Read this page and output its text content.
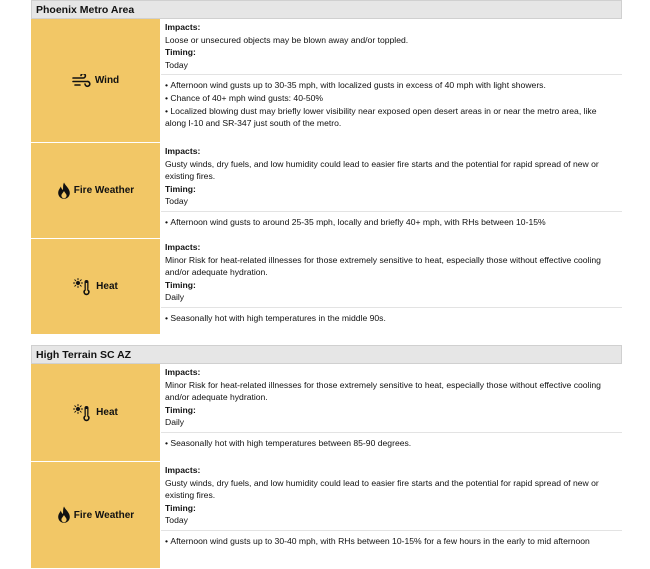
Phoenix Metro Area
Wind
Impacts:
Loose or unsecured objects may be blown away and/or toppled.
Timing:
Today
• Afternoon wind gusts up to 30-35 mph, with localized gusts in excess of 40 mph with light showers.
• Chance of 40+ mph wind gusts: 40-50%
• Localized blowing dust may briefly lower visibility near exposed open desert areas in or near the metro area, like along I-10 and SR-347 just south of the metro.
Fire Weather
Impacts:
Gusty winds, dry fuels, and low humidity could lead to easier fire starts and the potential for rapid spread of new or existing fires.
Timing:
Today
• Afternoon wind gusts to around 25-35 mph, locally and briefly 40+ mph, with RHs between 10-15%
Heat
Impacts:
Minor Risk for heat-related illnesses for those extremely sensitive to heat, especially those without effective cooling and/or adequate hydration.
Timing:
Daily
• Seasonally hot with high temperatures in the middle 90s.
High Terrain SC AZ
Heat
Impacts:
Minor Risk for heat-related illnesses for those extremely sensitive to heat, especially those without effective cooling and/or adequate hydration.
Timing:
Daily
• Seasonally hot with high temperatures between 85-90 degrees.
Fire Weather
Impacts:
Gusty winds, dry fuels, and low humidity could lead to easier fire starts and the potential for rapid spread of new or existing fires.
Timing:
Today
• Afternoon wind gusts up to 30-40 mph, with RHs between 10-15% for a few hours in the early to mid afternoon
